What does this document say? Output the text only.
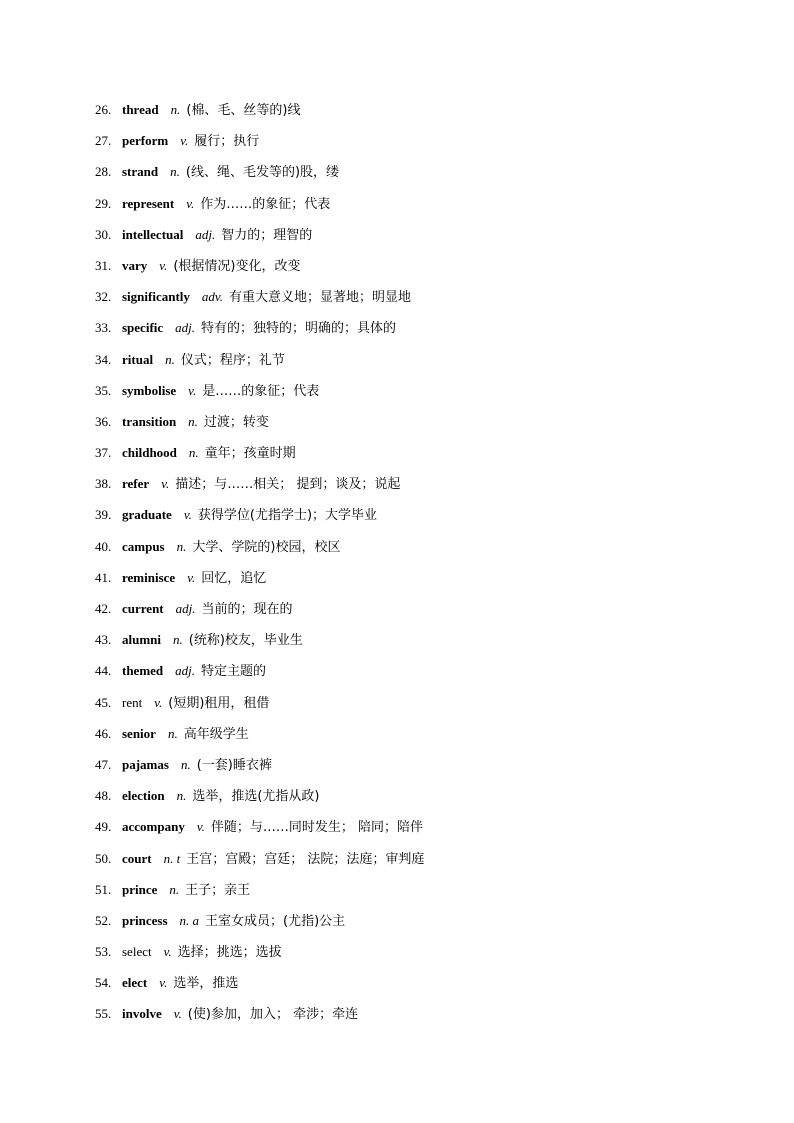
26. thread n. (棉、毛、丝等的)线
27. perform v. 履行；执行
28. strand n. (线、绳、毛发等的)股，缕
29. represent v. 作为……的象征；代表
30. intellectual adj. 智力的；理智的
31. vary v. (根据情况)变化，改变
32. significantly adv. 有重大意义地；显著地；明显地
33. specific adj. 特有的；独特的；明确的；具体的
34. ritual n. 仪式；程序；礼节
35. symbolise v. 是……的象征；代表
36. transition n. 过渡；转变
37. childhood n. 童年；孩童时期
38. refer v. 描述；与……相关； 提到；谈及；说起
39. graduate v. 获得学位(尤指学士)；大学毕业
40. campus n. 大学、学院的)校园，校区
41. reminisce v. 回忆，追忆
42. current adj. 当前的；现在的
43. alumni n. (统称)校友，毕业生
44. themed adj. 特定主题的
45. rent v. (短期)租用，租借
46. senior n. 高年级学生
47. pajamas n. (一套)睡衣裤
48. election n. 选举，推选(尤指从政)
49. accompany v. 伴随；与……同时发生； 陪同；陪伴
50. court n. t 王宫；宫殿；宫廷； 法院；法庭；审判庭
51. prince n. 王子；亲王
52. princess n. a 王室女成员；(尤指)公主
53. select v. 选择；挑选；选拔
54. elect v. 选举，推选
55. involve v. (使)参加，加入； 牵涉；牵连
